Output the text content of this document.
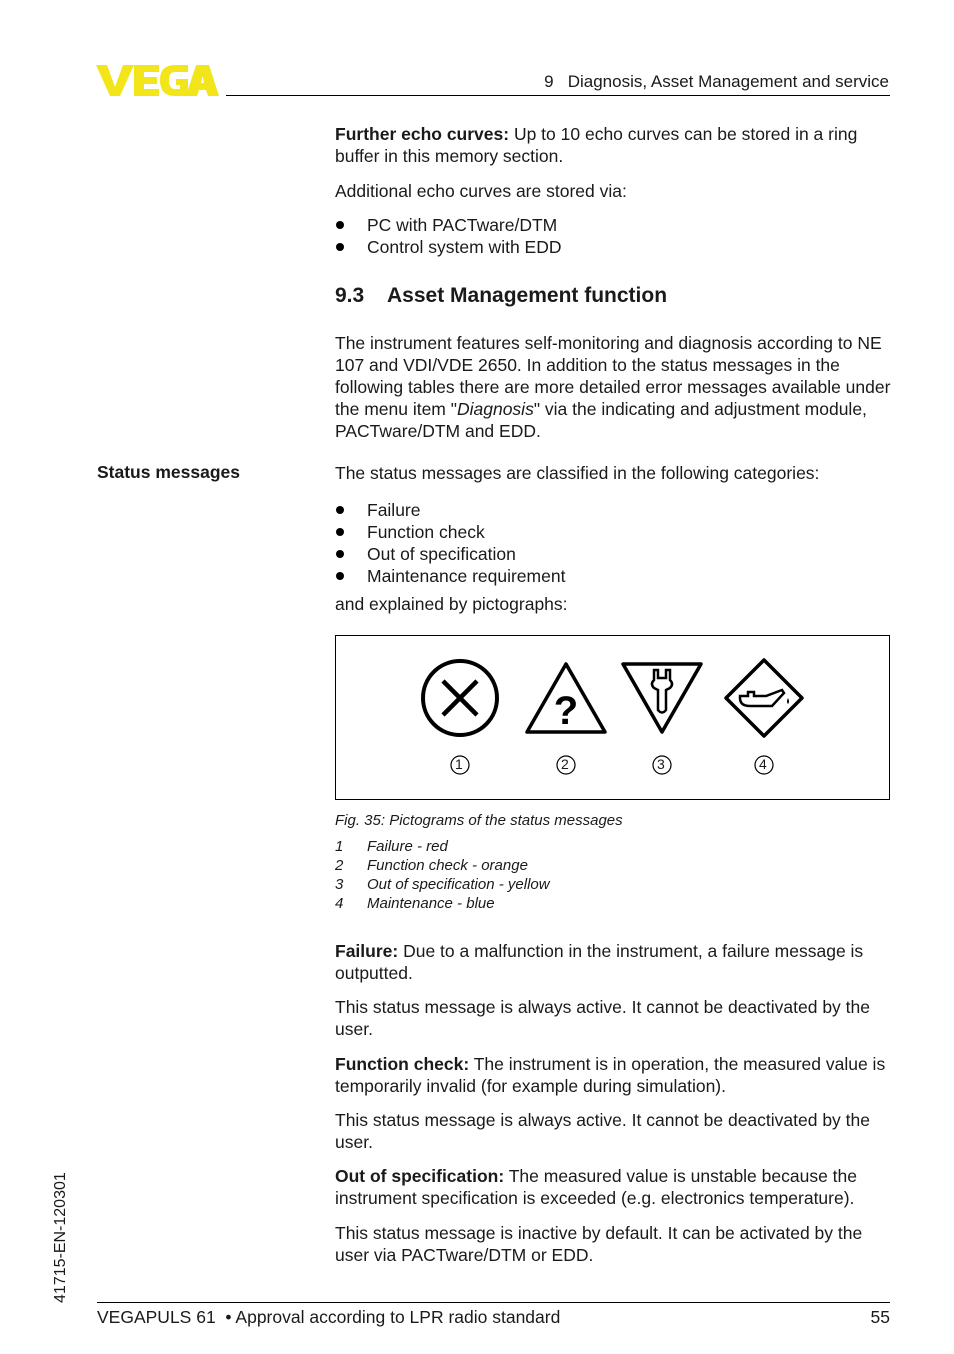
9   Diagnosis, Asset Management and service
Further echo curves: Up to 10 echo curves can be stored in a ring buffer in this memory section.
Additional echo curves are stored via:
PC with PACTware/DTM
Control system with EDD
9.3 Asset Management function
The instrument features self-monitoring and diagnosis according to NE 107 and VDI/VDE 2650. In addition to the status messages in the following tables there are more detailed error messages available under the menu item "Diagnosis" via the indicating and adjustment module, PACTware/DTM and EDD.
Status messages	The status messages are classified in the following categories:
Failure
Function check
Out of specification
Maintenance requirement
and explained by pictographs:
?
1	2	3	4
Fig. 35: Pictograms of the status messages
1	Failure - red
2	Function check - orange
3	Out of specification - yellow
4	Maintenance - blue
Failure: Due to a malfunction in the instrument, a failure message is outputted.
This status message is always active. It cannot be deactivated by the user.
Function check: The instrument is in operation, the measured value is temporarily invalid (for example during simulation).
This status message is always active. It cannot be deactivated by the user.
Out of specification: The measured value is unstable because the instrument specification is exceeded (e.g. electronics temperature).
This status message is inactive by default. It can be activated by the user via PACTware/DTM or EDD.
41715-EN-120301
VEGAPULS 61  • Approval according to LPR radio standard	55
